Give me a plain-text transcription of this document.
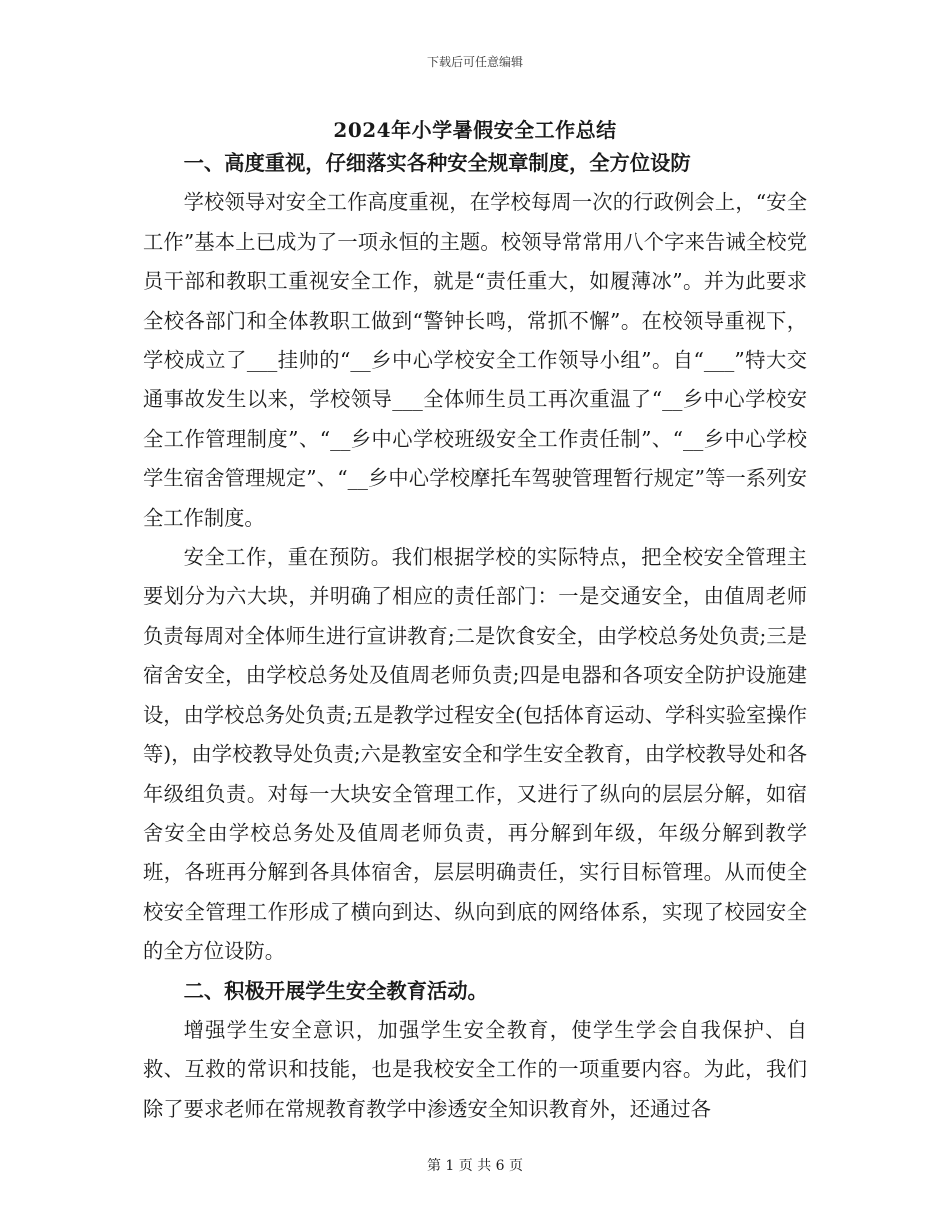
下载后可任意编辑
2024年小学暑假安全工作总结
一、高度重视，仔细落实各种安全规章制度，全方位设防

学校领导对安全工作高度重视，在学校每周一次的行政例会上，“安全工作”基本上已成为了一项永恒的主题。校领导常常用八个字来告诫全校党员干部和教职工重视安全工作，就是“责任重大，如履薄冰”。并为此要求全校各部门和全体教职工做到“警钟长鸣，常抓不懈”。在校领导重视下，学校成立了___挂帅的“__乡中心学校安全工作领导小组”。自“___”特大交通事故发生以来，学校领导___全体师生员工再次重温了“__乡中心学校安全工作管理制度”、“__乡中心学校班级安全工作责任制”、“__乡中心学校学生宿舍管理规定”、“__乡中心学校摩托车驾驶管理暂行规定”等一系列安全工作制度。

安全工作，重在预防。我们根据学校的实际特点，把全校安全管理主要划分为六大块，并明确了相应的责任部门：一是交通安全，由值周老师负责每周对全体师生进行宣讲教育;二是饮食安全，由学校总务处负责;三是宿舍安全，由学校总务处及值周老师负责;四是电器和各项安全防护设施建设，由学校总务处负责;五是教学过程安全(包括体育运动、学科实验室操作等)，由学校教导处负责;六是教室安全和学生安全教育，由学校教导处和各年级组负责。对每一大块安全管理工作，又进行了纵向的层层分解，如宿舍安全由学校总务处及值周老师负责，再分解到年级，年级分解到教学班，各班再分解到各具体宿舍，层层明确责任，实行目标管理。从而使全校安全管理工作形成了横向到达、纵向到底的网络体系，实现了校园安全的全方位设防。

二、积极开展学生安全教育活动。

增强学生安全意识，加强学生安全教育，使学生学会自我保护、自救、互救的常识和技能，也是我校安全工作的一项重要内容。为此，我们除了要求老师在常规教育教学中渗透安全知识教育外，还通过各

第 1 页 共 6 页
